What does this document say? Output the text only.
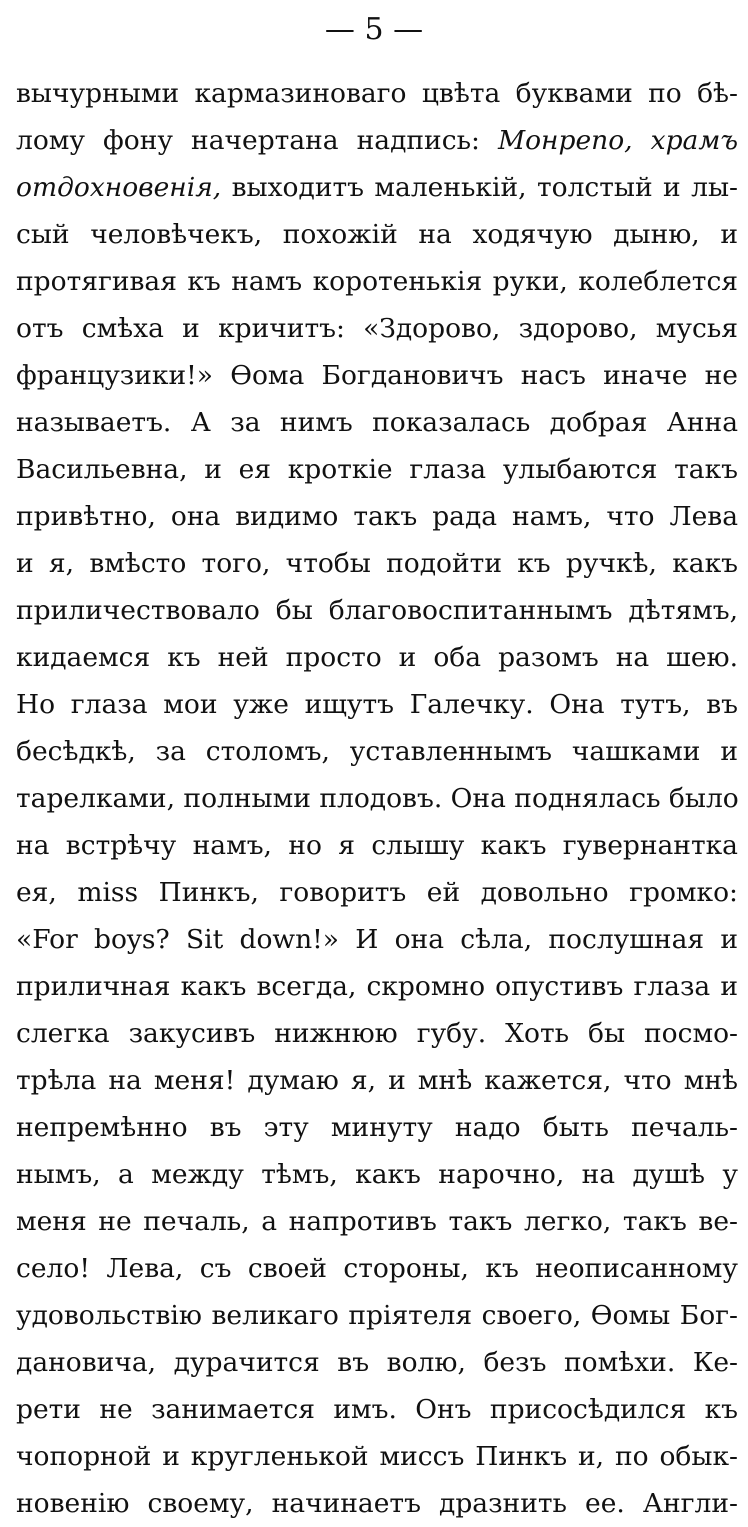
— 5 —
вычурными кармазиноваго цвѣта буквами по бѣ-
лому фону начертана надпись: Монрепо, храмъ
отдохновенія, выходитъ маленькій, толстый и лы-
сый человѣчекъ, похожій на ходячую дыню, и
протягивая къ намъ коротенькія руки, колеблется
отъ смѣха и кричитъ: «Здорово, здорово, мусья
французики!» Ѳома Богдановичъ насъ иначе не
называетъ. А за нимъ показалась добрая Анна
Васильевна, и ея кроткіе глаза улыбаются такъ
привѣтно, она видимо такъ рада намъ, что Лева
и я, вмѣсто того, чтобы подойти къ ручкѣ, какъ
приличествовало бы благовоспитаннымъ дѣтямъ,
кидаемся къ ней просто и оба разомъ на шею.
Но глаза мои уже ищутъ Галечку. Она тутъ, въ
бесѣдкѣ, за столомъ, уставленнымъ чашками и
тарелками, полными плодовъ. Она поднялась было
на встрѣчу намъ, но я слышу какъ гувернантка
ея, miss Пинкъ, говоритъ ей довольно громко:
«For boys? Sit down!» И она сѣла, послушная и
приличная какъ всегда, скромно опустивъ глаза и
слегка закусивъ нижнюю губу. Хоть бы посмо-
трѣла на меня! думаю я, и мнѣ кажется, что мнѣ
непремѣнно въ эту минуту надо быть печаль-
нымъ, а между тѣмъ, какъ нарочно, на душѣ у
меня не печаль, а напротивъ такъ легко, такъ ве-
село! Лева, съ своей стороны, къ неописанному
удовольствію великаго пріятеля своего, Ѳомы Бог-
дановича, дурачится въ волю, безъ помѣхи. Ке-
рети не занимается имъ. Онъ присосѣдился къ
чопорной и кругленькой миссъ Пинкъ и, по обык-
новенію своему, начинаетъ дразнить ее. Англи-
